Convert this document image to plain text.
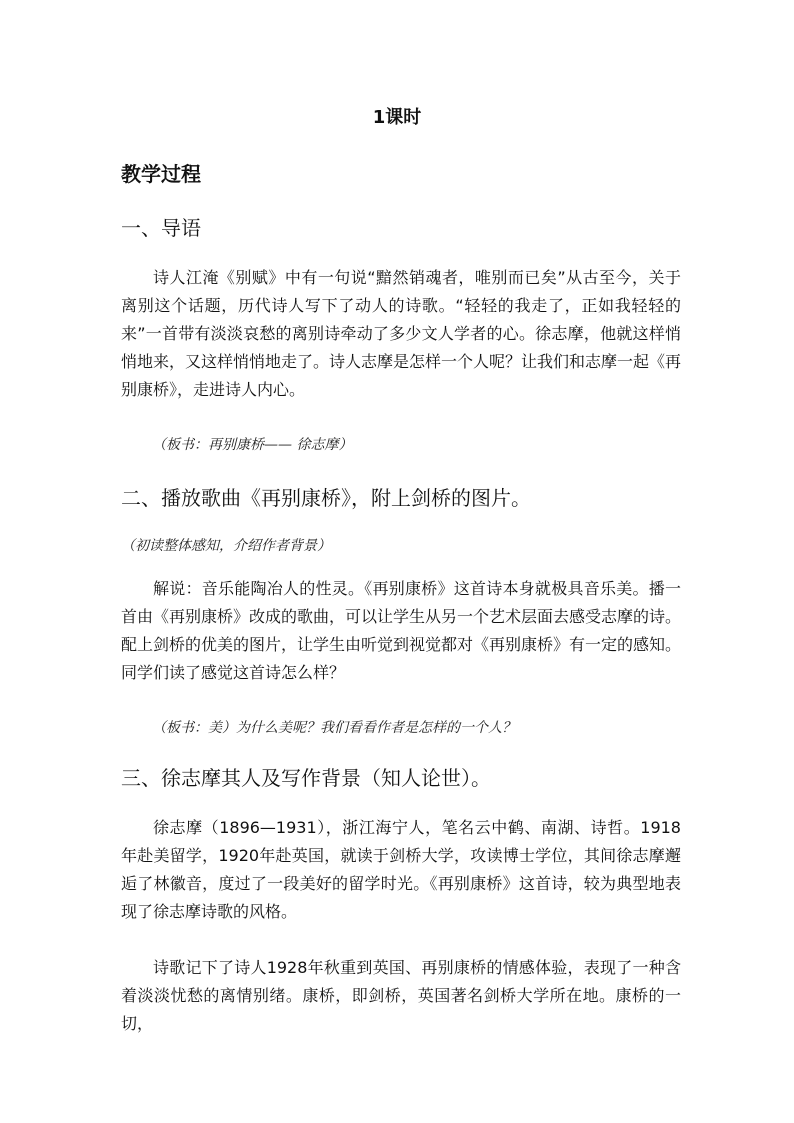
1课时
教学过程
一、导语
诗人江淹《别赋》中有一句说“黯然销魂者，唯别而已矣”从古至今，关于离别这个话题，历代诗人写下了动人的诗歌。“轻轻的我走了，正如我轻轻的来”一首带有淡淡哀愁的离别诗牵动了多少文人学者的心。徐志摩，他就这样悄悄地来，又这样悄悄地走了。诗人志摩是怎样一个人呢？让我们和志摩一起《再别康桥》，走进诗人内心。
（板书：再别康桥—— 徐志摩）
二、播放歌曲《再别康桥》，附上剑桥的图片。
（初读整体感知，介绍作者背景）
解说：音乐能陶冶人的性灵。《再别康桥》这首诗本身就极具音乐美。播一首由《再别康桥》改成的歌曲，可以让学生从另一个艺术层面去感受志摩的诗。配上剑桥的优美的图片，让学生由听觉到视觉都对《再别康桥》有一定的感知。同学们读了感觉这首诗怎么样？
（板书：美）为什么美呢？我们看看作者是怎样的一个人？
三、徐志摩其人及写作背景（知人论世）。
徐志摩（1896—1931），浙江海宁人，笔名云中鹤、南湖、诗哲。1918年赴美留学，1920年赴英国，就读于剑桥大学，攻读博士学位，其间徐志摩邂逅了林徽音，度过了一段美好的留学时光。《再别康桥》这首诗，较为典型地表现了徐志摩诗歌的风格。
诗歌记下了诗人1928年秋重到英国、再别康桥的情感体验，表现了一种含着淡淡忧愁的离情别绪。康桥，即剑桥，英国著名剑桥大学所在地。康桥的一切，
